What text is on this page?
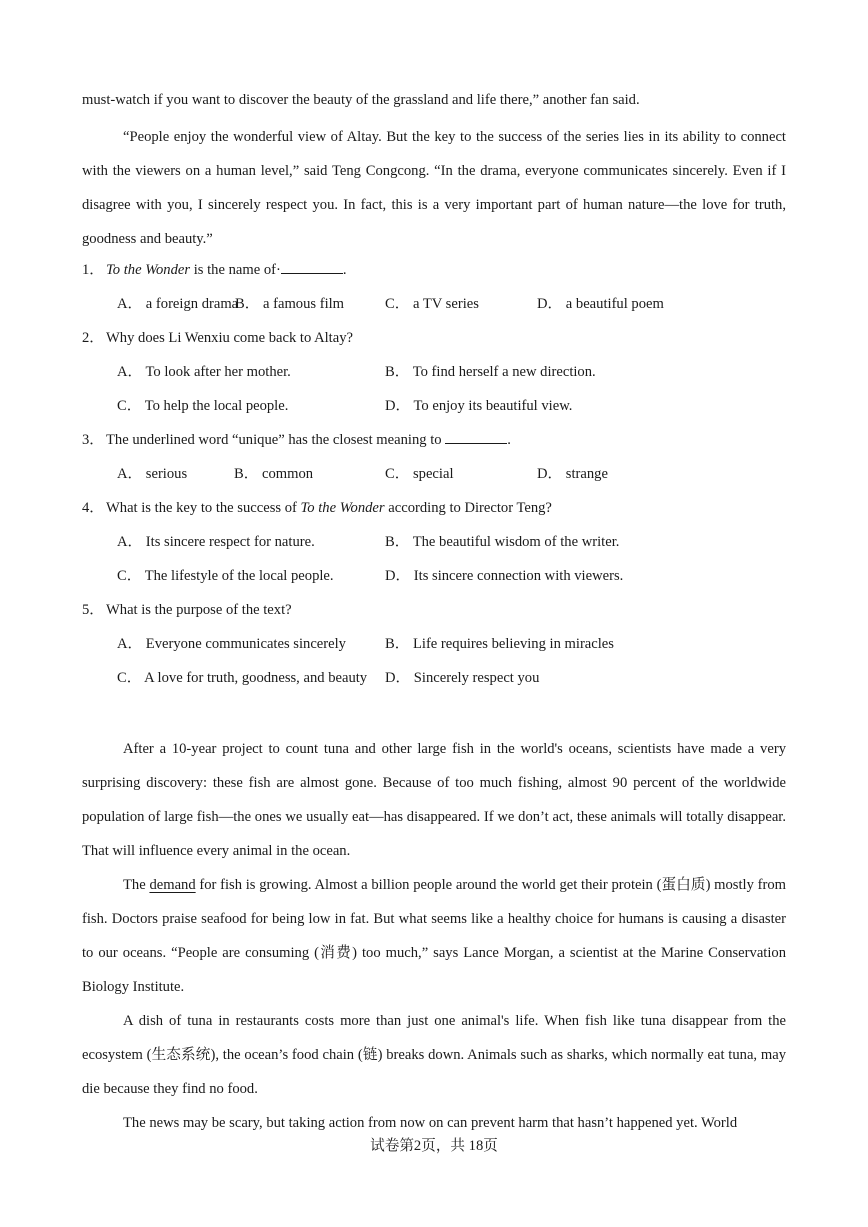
must-watch if you want to discover the beauty of the grassland and life there,” another fan said.

“People enjoy the wonderful view of Altay. But the key to the success of the series lies in its ability to connect with the viewers on a human level,” said Teng Congcong. “In the drama, everyone communicates sincerely. Even if I disagree with you, I sincerely respect you. In fact, this is a very important part of human nature—the love for truth, goodness and beauty.”

1． To the Wonder is the name of·	.
A． a foreign drama
B． a famous film	C． a TV series	D． a beautiful poem
2． Why does Li Wenxiu come back to Altay?
A． To look after her mother.	B． To find herself a new direction.
C． To help the local people.	D． To enjoy its beautiful view.
3． The underlined word “unique” has the closest meaning to	.
A． serious	B． common	C． special	D． strange
4． What is the key to the success of To the Wonder according to Director Teng?
A． Its sincere respect for nature.	B． The beautiful wisdom of the writer.
C． The lifestyle of the local people.	D． Its sincere connection with viewers.
5． What is the purpose of the text?
A． Everyone communicates sincerely	B． Life requires believing in miracles
C． A love for truth, goodness, and beauty D． Sincerely respect you

After a 10-year project to count tuna and other large fish in the world's oceans, scientists have made a very surprising discovery: these fish are almost gone. Because of too much fishing, almost 90 percent of the worldwide population of large fish—the ones we usually eat—has disappeared. If we don’t act, these animals will totally disappear. That will influence every animal in the ocean.

The demand for fish is growing. Almost a billion people around the world get their protein (蛋白质) mostly from fish. Doctors praise seafood for being low in fat. But what seems like a healthy choice for humans is causing a disaster to our oceans. “People are consuming (消费) too much,” says Lance Morgan, a scientist at the Marine Conservation Biology Institute.

A dish of tuna in restaurants costs more than just one animal's life. When fish like tuna disappear from the ecosystem (生态系统), the ocean’s food chain (链) breaks down. Animals such as sharks, which normally eat tuna, may die because they find no food.

The news may be scary, but taking action from now on can prevent harm that hasn’t happened yet. World

试卷第2页，共 18页
